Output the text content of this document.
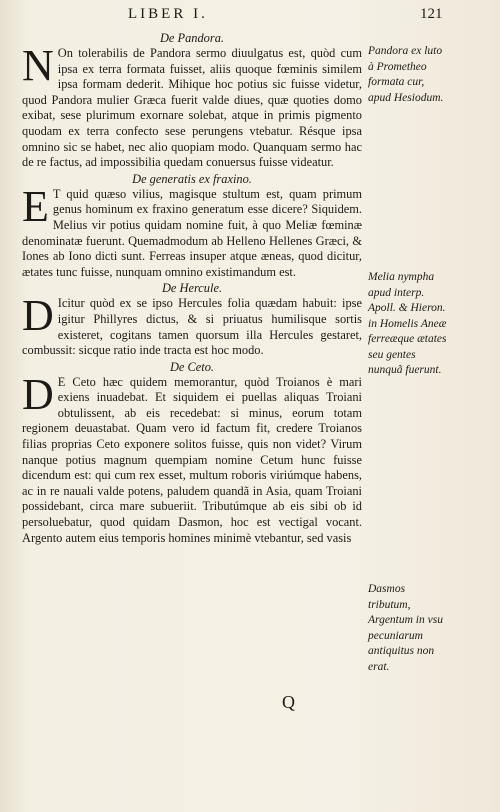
LIBER I.	121
De Pandora.

N On tolerabilis de Pandora sermo diuulgatus est, quòd cum ipsa ex terra formata fuisset, aliis quoque fœminis similem ipsa formam dederit. Mihique hoc potius sic fuisse videtur, quod Pandora mulier Græca fuerit valde diues, quæ quoties domo exibat, sese plurimum exornare solebat, atque in primis pigmento quodam ex terra confecto sese perungens vtebatur. Résque ipsa omnino sic se habet, nec alio quopiam modo. Quanquam sermo hac de re factus, ad impossibilia quedam conuersus fuisse videatur.

De generatis ex fraxino.

E T quid quæso vilius, magisque stultum est, quam primum genus hominum ex fraxino generatum esse dicere? Siquidem. Melius vir potius quidam nomine fuit, à quo Meliæ fœminæ denominatæ fuerunt. Quemadmodum ab Helleno Hellenes Græci, & Iones ab Iono dicti sunt. Ferreas insuper atque æneas, quod dicitur, ætates tunc fuisse, nunquam omnino existimandum est.

De Hercule.

D Icitur quòd ex se ipso Hercules folia quædam habuit: ipse igitur Phillyres dictus, & si priuatus humilisque sortis existeret, cogitans tamen quorsum illa Hercules gestaret, combussit: sicque ratio inde tracta est hoc modo.

De Ceto.

D E Ceto hæc quidem memorantur, quòd Troianos è mari exiens inuadebat. Et siquidem ei puellas aliquas Troiani obtulissent, ab eis recedebat: si minus, eorum totam regionem deuastabat. Quam vero id factum fit, credere Troianos filias proprias Ceto exponere solitos fuisse, quis non videt? Virum nanque potius magnum quempiam nomine Cetum hunc fuisse dicendum est: qui cum rex esset, multum roboris viriúmque habens, ac in re nauali valde potens, paludem quandã in Asia, quam Troiani possidebant, circa mare subueriit. Tributúmque ab eis sibi ob id persoluebatur, quod quidam Dasmon, hoc est vectigal vocant. Argento autem eius temporis homines minimè vtebantur, sed vasis

Pandora ex luto à Prometheo formata cur, apud Hesiodum.
Melia nympha apud interp. Apoll. & Hieron. in Homelis Aneæ ferreæque ætates seu gentes nunquã fuerunt.
Dasmos tributum, Argentum in vsu pecuniarum antiquitus non erat.
Q
